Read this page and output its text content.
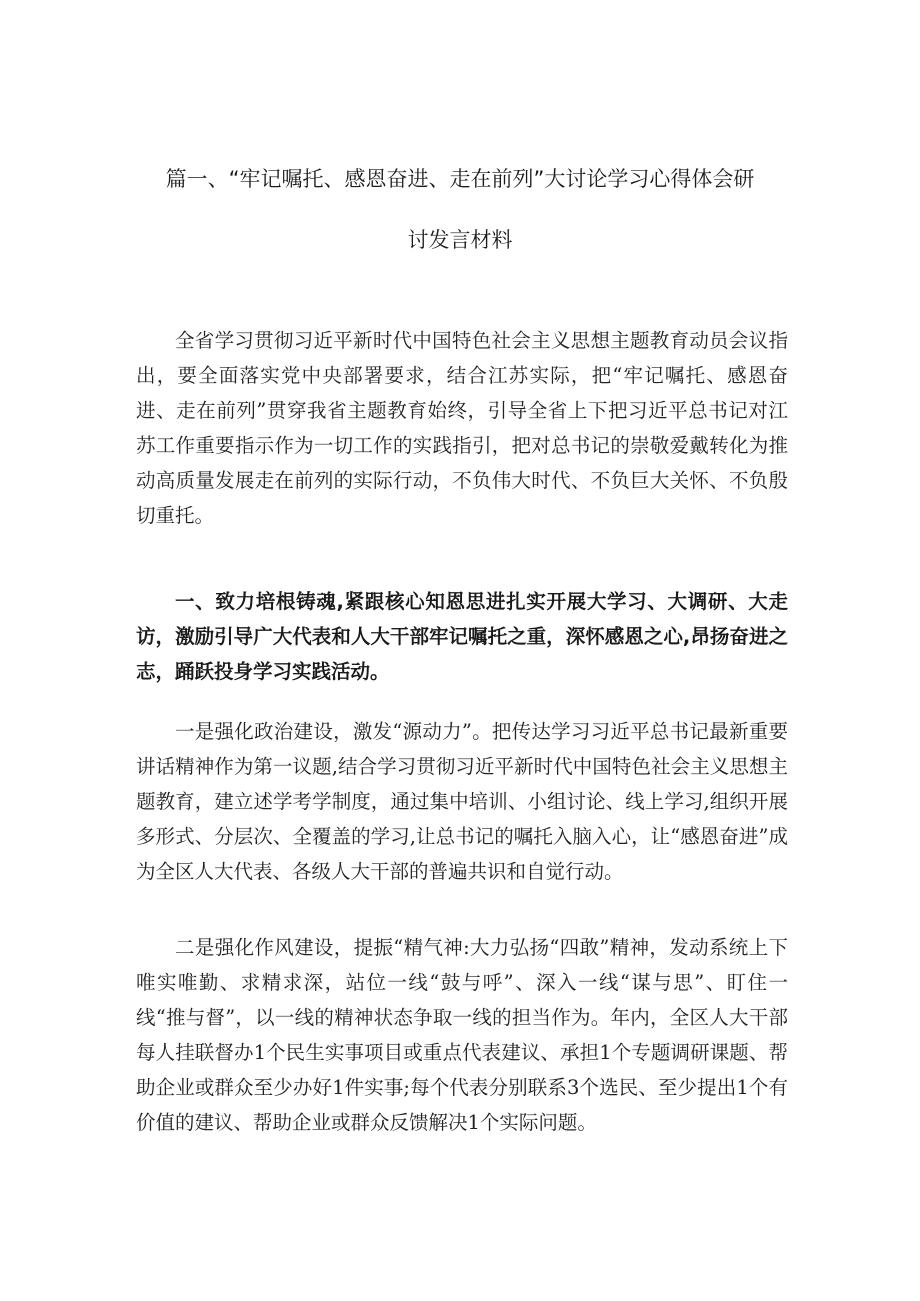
篇一、“牢记嘱托、感恩奋进、走在前列”大讨论学习心得体会研
讨发言材料

全省学习贯彻习近平新时代中国特色社会主义思想主题教育动员会议指出，要全面落实党中央部署要求，结合江苏实际，把“牢记嘱托、感恩奋进、走在前列”贯穿我省主题教育始终，引导全省上下把习近平总书记对江苏工作重要指示作为一切工作的实践指引，把对总书记的崇敬爱戴转化为推动高质量发展走在前列的实际行动，不负伟大时代、不负巨大关怀、不负殷切重托。

一、致力培根铸魂,紧跟核心知恩思进扎实开展大学习、大调研、大走访，激励引导广大代表和人大干部牢记嘱托之重，深怀感恩之心,昂扬奋进之志，踊跃投身学习实践活动。

一是强化政治建设，激发“源动力”。把传达学习习近平总书记最新重要讲话精神作为第一议题,结合学习贯彻习近平新时代中国特色社会主义思想主题教育，建立述学考学制度，通过集中培训、小组讨论、线上学习,组织开展多形式、分层次、全覆盖的学习,让总书记的嘱托入脑入心，让“感恩奋进”成为全区人大代表、各级人大干部的普遍共识和自觉行动。

二是强化作风建设，提振“精气神:大力弘扬“四敢”精神，发动系统上下唯实唯勤、求精求深，站位一线“鼓与呼”、深入一线“谋与思”、盯住一线“推与督”，以一线的精神状态争取一线的担当作为。年内，全区人大干部每人挂联督办1个民生实事项目或重点代表建议、承担1个专题调研课题、帮助企业或群众至少办好1件实事;每个代表分别联系3个选民、至少提出1个有价值的建议、帮助企业或群众反馈解决1个实际问题。
